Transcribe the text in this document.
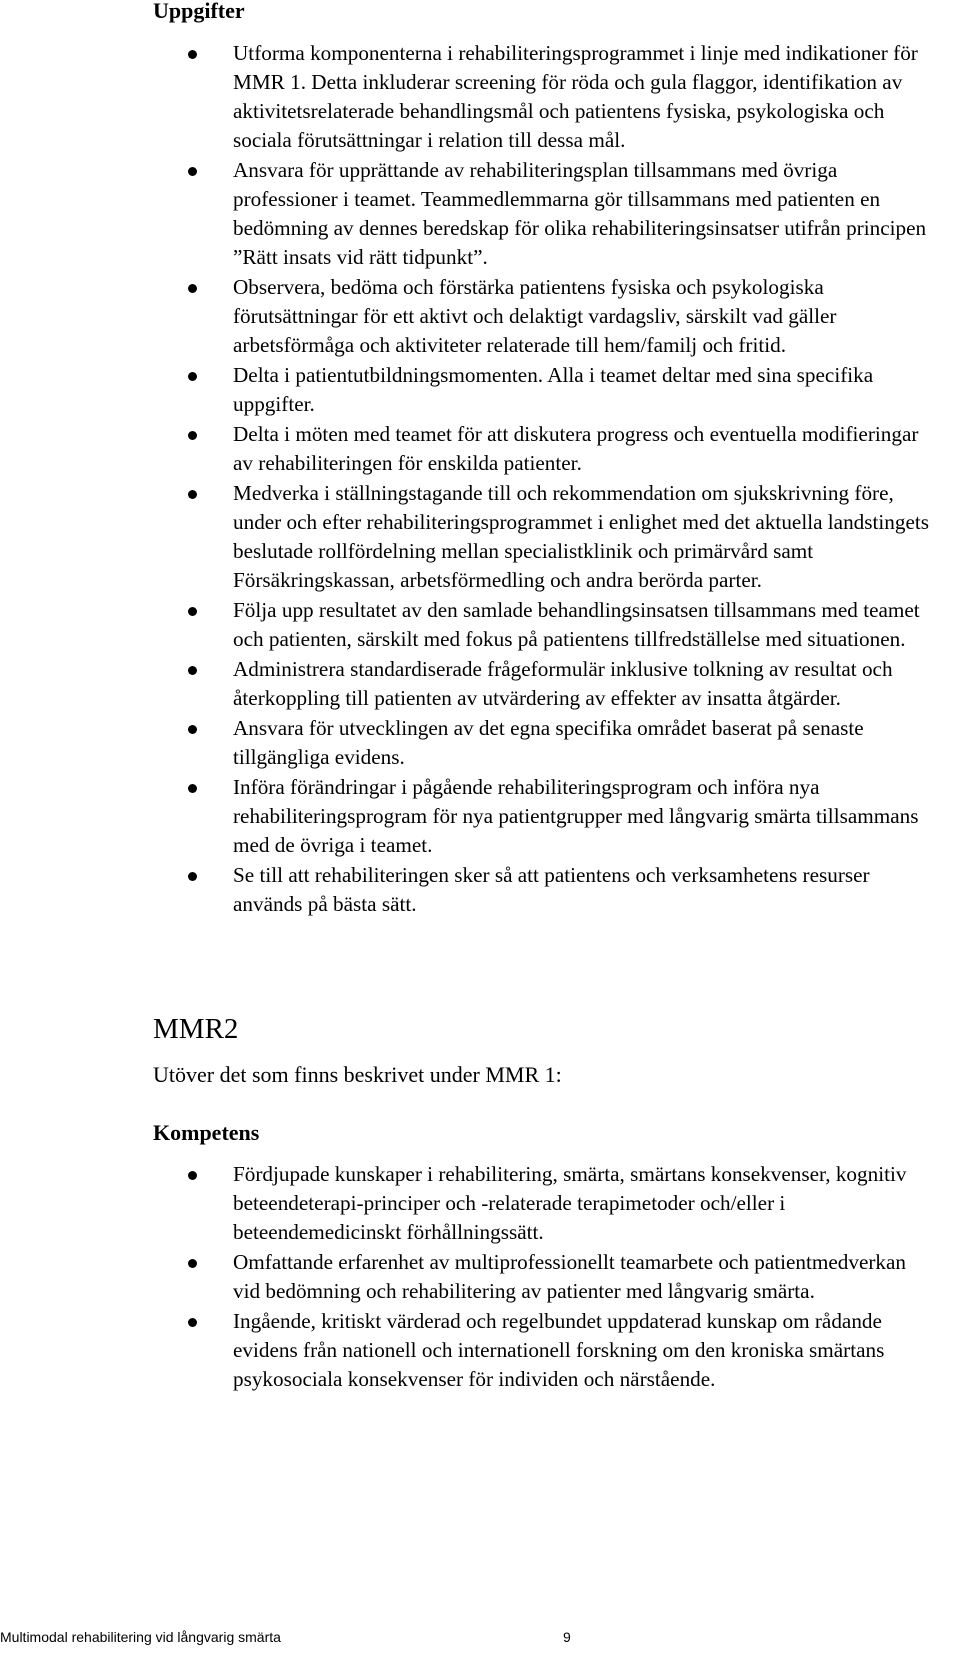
Uppgifter
Utforma komponenterna i rehabiliteringsprogrammet i linje med indikationer för MMR 1. Detta inkluderar screening för röda och gula flaggor, identifikation av aktivitetsrelaterade behandlingsmål och patientens fysiska, psykologiska och sociala förutsättningar i relation till dessa mål.
Ansvara för upprättande av rehabiliteringsplan tillsammans med övriga professioner i teamet. Teammedlemmarna gör tillsammans med patienten en bedömning av dennes beredskap för olika rehabiliteringsinsatser utifrån principen ”Rätt insats vid rätt tidpunkt”.
Observera, bedöma och förstärka patientens fysiska och psykologiska förutsättningar för ett aktivt och delaktigt vardagsliv, särskilt vad gäller arbetsförmåga och aktiviteter relaterade till hem/familj och fritid.
Delta i patientutbildningsmomenten. Alla i teamet deltar med sina specifika uppgifter.
Delta i möten med teamet för att diskutera progress och eventuella modifieringar av rehabiliteringen för enskilda patienter.
Medverka i ställningstagande till och rekommendation om sjukskrivning före, under och efter rehabiliteringsprogrammet i enlighet med det aktuella landstingets beslutade rollfördelning mellan specialistklinik och primärvård samt Försäkringskassan, arbetsförmedling och andra berörda parter.
Följa upp resultatet av den samlade behandlingsinsatsen tillsammans med teamet och patienten, särskilt med fokus på patientens tillfredställelse med situationen.
Administrera standardiserade frågeformulär inklusive tolkning av resultat och återkoppling till patienten av utvärdering av effekter av insatta åtgärder.
Ansvara för utvecklingen av det egna specifika området baserat på senaste tillgängliga evidens.
Införa förändringar i pågående rehabiliteringsprogram och införa nya rehabiliteringsprogram för nya patientgrupper med långvarig smärta tillsammans med de övriga i teamet.
Se till att rehabiliteringen sker så att patientens och verksamhetens resurser används på bästa sätt.
MMR2

Utöver det som finns beskrivet under MMR 1:

Kompetens
Fördjupade kunskaper i rehabilitering, smärta, smärtans konsekvenser, kognitiv beteendeterapi-principer och -relaterade terapimetoder och/eller i beteendemedicinskt förhållningssätt.
Omfattande erfarenhet av multiprofessionellt teamarbete och patientmedverkan vid bedömning och rehabilitering av patienter med långvarig smärta.
Ingående, kritiskt värderad och regelbundet uppdaterad kunskap om rådande evidens från nationell och internationell forskning om den kroniska smärtans psykosociala konsekvenser för individen och närstående.
Multimodal rehabilitering vid långvarig smärta	9
